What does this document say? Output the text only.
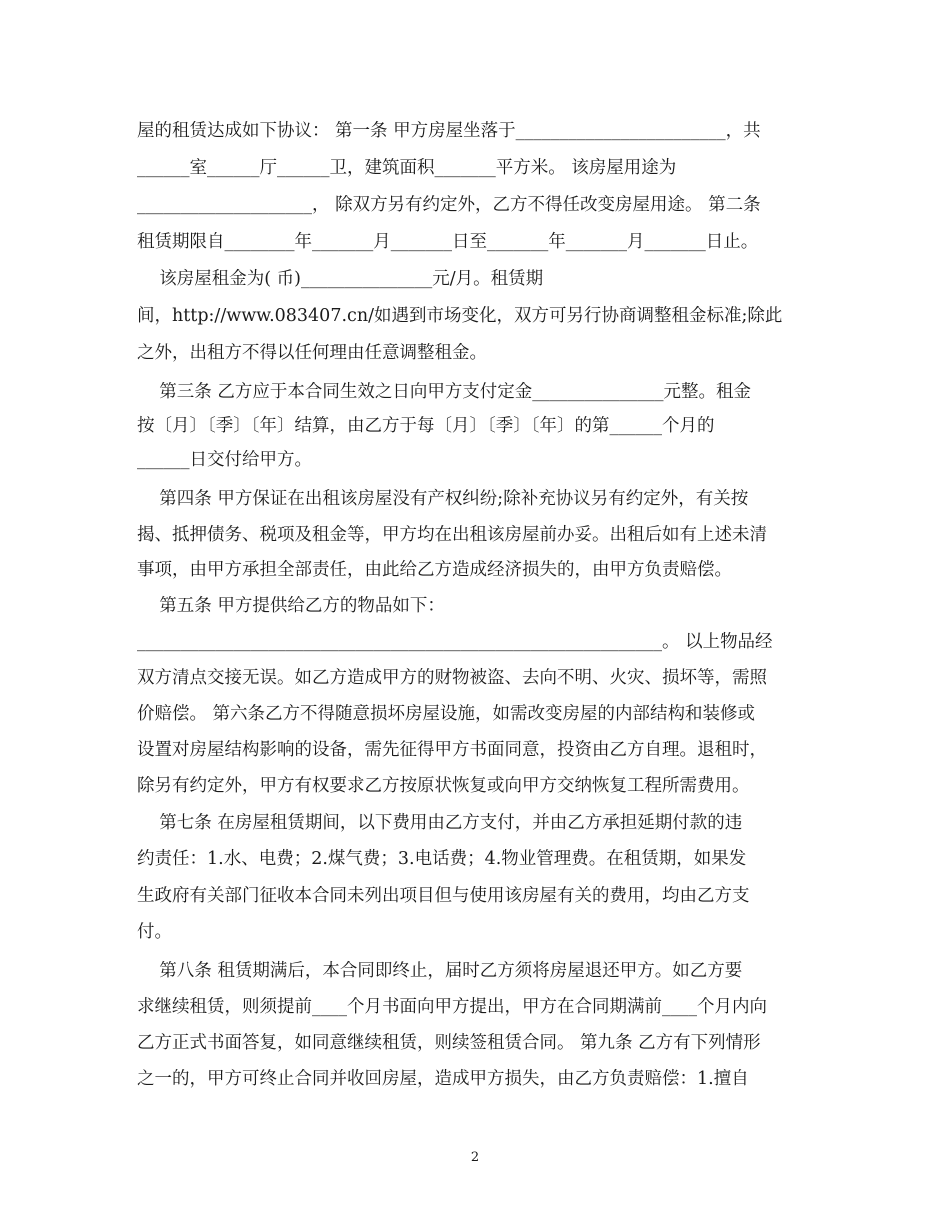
屋的租赁达成如下协议： 第一条 甲方房屋坐落于________________________，共
______室______厅______卫，建筑面积_______平方米。 该房屋用途为
____________________， 除双方另有约定外，乙方不得任改变房屋用途。 第二条
租赁期限自________年_______月_______日至_______年_______月_______日止。
该房屋租金为( 币)_______________元/月。租赁期
间，http://www.083407.cn/如遇到市场变化，双方可另行协商调整租金标准;除此
之外，出租方不得以任何理由任意调整租金。
第三条 乙方应于本合同生效之日向甲方支付定金_______________元整。租金
按〔月〕〔季〕〔年〕结算，由乙方于每〔月〕〔季〕〔年〕的第______个月的
______日交付给甲方。
第四条 甲方保证在出租该房屋没有产权纠纷;除补充协议另有约定外，有关按
揭、抵押债务、税项及租金等，甲方均在出租该房屋前办妥。出租后如有上述未清
事项，由甲方承担全部责任，由此给乙方造成经济损失的，由甲方负责赔偿。
第五条 甲方提供给乙方的物品如下：
____________________________________________________________。 以上物品经
双方清点交接无误。如乙方造成甲方的财物被盗、去向不明、火灾、损坏等，需照
价赔偿。 第六条乙方不得随意损坏房屋设施，如需改变房屋的内部结构和装修或
设置对房屋结构影响的设备，需先征得甲方书面同意，投资由乙方自理。退租时，
除另有约定外，甲方有权要求乙方按原状恢复或向甲方交纳恢复工程所需费用。
第七条 在房屋租赁期间，以下费用由乙方支付，并由乙方承担延期付款的违
约责任：1.水、电费；2.煤气费；3.电话费；4.物业管理费。在租赁期，如果发
生政府有关部门征收本合同未列出项目但与使用该房屋有关的费用，均由乙方支
付。
第八条 租赁期满后，本合同即终止，届时乙方须将房屋退还甲方。如乙方要
求继续租赁，则须提前____个月书面向甲方提出，甲方在合同期满前____个月内向
乙方正式书面答复，如同意继续租赁，则续签租赁合同。 第九条 乙方有下列情形
之一的，甲方可终止合同并收回房屋，造成甲方损失，由乙方负责赔偿：1.擅自
2
